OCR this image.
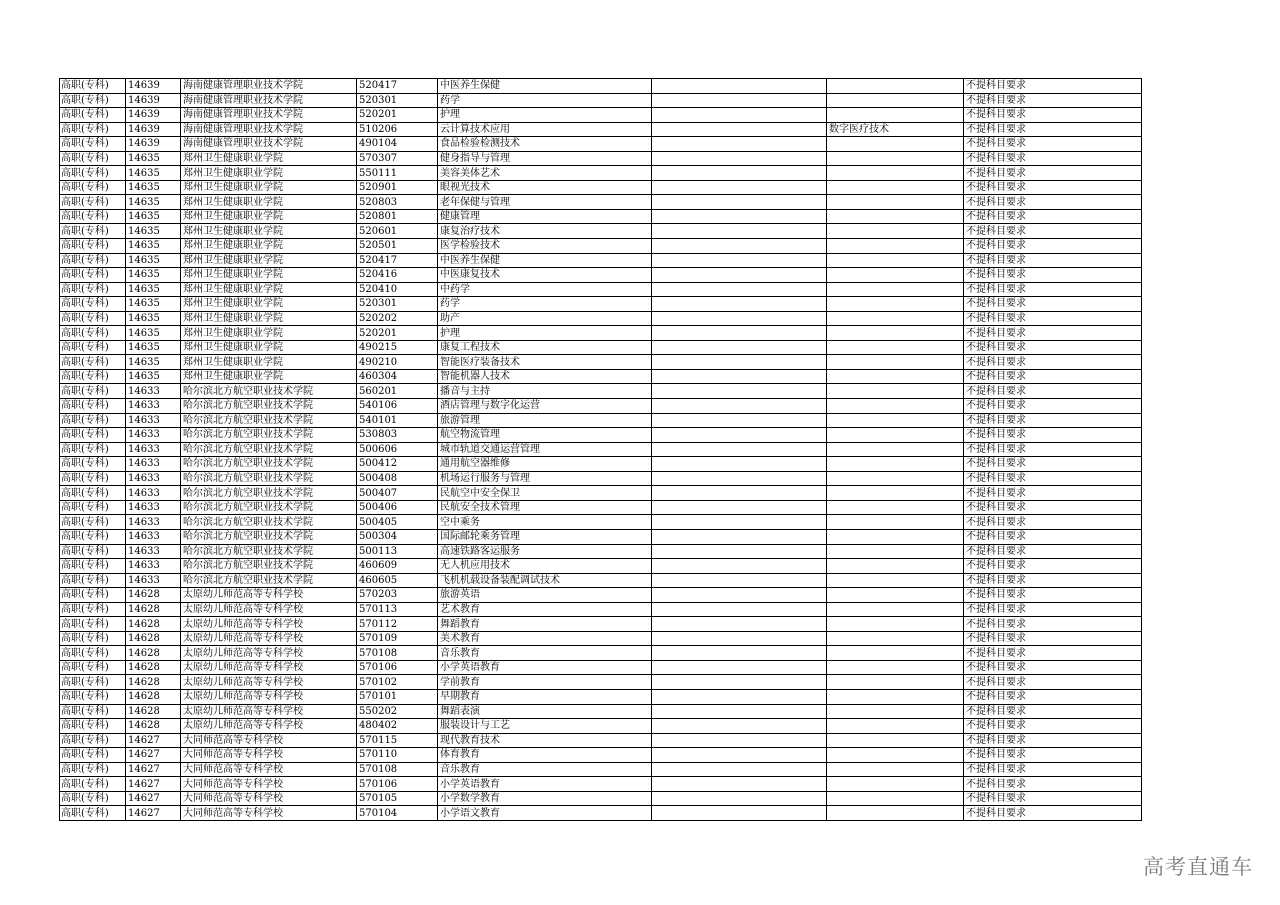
高职(专科)	14639	海南健康管理职业技术学院	520417	中医养生保健			不提科目要求
高职(专科)	14639	海南健康管理职业技术学院	520301	药学			不提科目要求
高职(专科)	14639	海南健康管理职业技术学院	520201	护理			不提科目要求
高职(专科)	14639	海南健康管理职业技术学院	510206	云计算技术应用		数字医疗技术	不提科目要求
高职(专科)	14639	海南健康管理职业技术学院	490104	食品检验检测技术			不提科目要求
高职(专科)	14635	郑州卫生健康职业学院	570307	健身指导与管理			不提科目要求
高职(专科)	14635	郑州卫生健康职业学院	550111	美容美体艺术			不提科目要求
高职(专科)	14635	郑州卫生健康职业学院	520901	眼视光技术			不提科目要求
高职(专科)	14635	郑州卫生健康职业学院	520803	老年保健与管理			不提科目要求
高职(专科)	14635	郑州卫生健康职业学院	520801	健康管理			不提科目要求
高职(专科)	14635	郑州卫生健康职业学院	520601	康复治疗技术			不提科目要求
高职(专科)	14635	郑州卫生健康职业学院	520501	医学检验技术			不提科目要求
高职(专科)	14635	郑州卫生健康职业学院	520417	中医养生保健			不提科目要求
高职(专科)	14635	郑州卫生健康职业学院	520416	中医康复技术			不提科目要求
高职(专科)	14635	郑州卫生健康职业学院	520410	中药学			不提科目要求
高职(专科)	14635	郑州卫生健康职业学院	520301	药学			不提科目要求
高职(专科)	14635	郑州卫生健康职业学院	520202	助产			不提科目要求
高职(专科)	14635	郑州卫生健康职业学院	520201	护理			不提科目要求
高职(专科)	14635	郑州卫生健康职业学院	490215	康复工程技术			不提科目要求
高职(专科)	14635	郑州卫生健康职业学院	490210	智能医疗装备技术			不提科目要求
高职(专科)	14635	郑州卫生健康职业学院	460304	智能机器人技术			不提科目要求
高职(专科)	14633	哈尔滨北方航空职业技术学院	560201	播音与主持			不提科目要求
高职(专科)	14633	哈尔滨北方航空职业技术学院	540106	酒店管理与数字化运营			不提科目要求
高职(专科)	14633	哈尔滨北方航空职业技术学院	540101	旅游管理			不提科目要求
高职(专科)	14633	哈尔滨北方航空职业技术学院	530803	航空物流管理			不提科目要求
高职(专科)	14633	哈尔滨北方航空职业技术学院	500606	城市轨道交通运营管理			不提科目要求
高职(专科)	14633	哈尔滨北方航空职业技术学院	500412	通用航空器维修			不提科目要求
高职(专科)	14633	哈尔滨北方航空职业技术学院	500408	机场运行服务与管理			不提科目要求
高职(专科)	14633	哈尔滨北方航空职业技术学院	500407	民航空中安全保卫			不提科目要求
高职(专科)	14633	哈尔滨北方航空职业技术学院	500406	民航安全技术管理			不提科目要求
高职(专科)	14633	哈尔滨北方航空职业技术学院	500405	空中乘务			不提科目要求
高职(专科)	14633	哈尔滨北方航空职业技术学院	500304	国际邮轮乘务管理			不提科目要求
高职(专科)	14633	哈尔滨北方航空职业技术学院	500113	高速铁路客运服务			不提科目要求
高职(专科)	14633	哈尔滨北方航空职业技术学院	460609	无人机应用技术			不提科目要求
高职(专科)	14633	哈尔滨北方航空职业技术学院	460605	飞机机载设备装配调试技术			不提科目要求
高职(专科)	14628	太原幼儿师范高等专科学校	570203	旅游英语			不提科目要求
高职(专科)	14628	太原幼儿师范高等专科学校	570113	艺术教育			不提科目要求
高职(专科)	14628	太原幼儿师范高等专科学校	570112	舞蹈教育			不提科目要求
高职(专科)	14628	太原幼儿师范高等专科学校	570109	美术教育			不提科目要求
高职(专科)	14628	太原幼儿师范高等专科学校	570108	音乐教育			不提科目要求
高职(专科)	14628	太原幼儿师范高等专科学校	570106	小学英语教育			不提科目要求
高职(专科)	14628	太原幼儿师范高等专科学校	570102	学前教育			不提科目要求
高职(专科)	14628	太原幼儿师范高等专科学校	570101	早期教育			不提科目要求
高职(专科)	14628	太原幼儿师范高等专科学校	550202	舞蹈表演			不提科目要求
高职(专科)	14628	太原幼儿师范高等专科学校	480402	服装设计与工艺			不提科目要求
高职(专科)	14627	大同师范高等专科学校	570115	现代教育技术			不提科目要求
高职(专科)	14627	大同师范高等专科学校	570110	体育教育			不提科目要求
高职(专科)	14627	大同师范高等专科学校	570108	音乐教育			不提科目要求
高职(专科)	14627	大同师范高等专科学校	570106	小学英语教育			不提科目要求
高职(专科)	14627	大同师范高等专科学校	570105	小学数学教育			不提科目要求
高职(专科)	14627	大同师范高等专科学校	570104	小学语文教育			不提科目要求
高考直通车
